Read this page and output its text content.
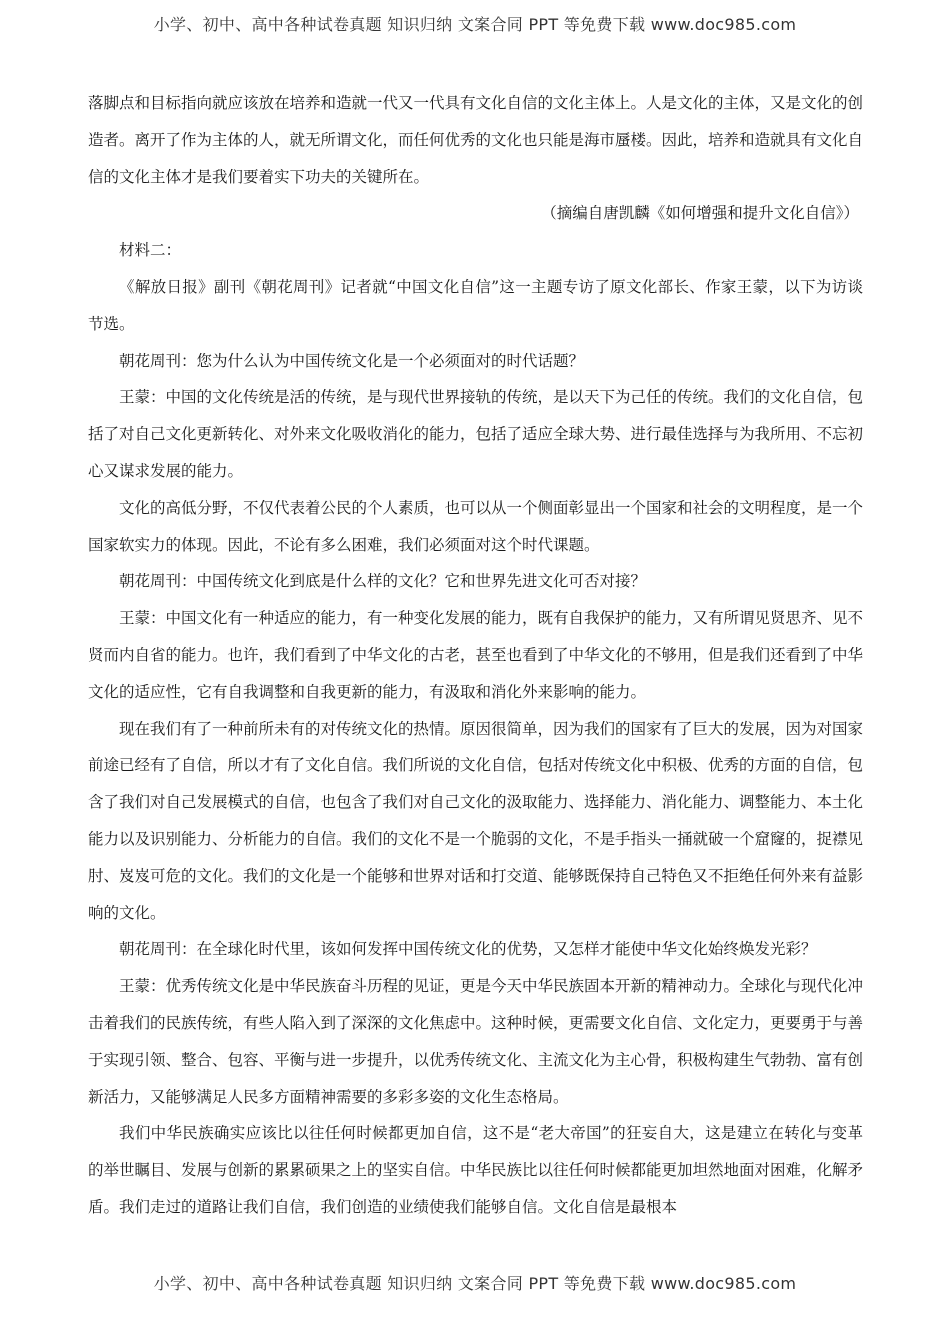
小学、初中、高中各种试卷真题 知识归纳 文案合同 PPT 等免费下载 www.doc985.com

落脚点和目标指向就应该放在培养和造就一代又一代具有文化自信的文化主体上。人是文化的主体，又是文化的创造者。离开了作为主体的人，就无所谓文化，而任何优秀的文化也只能是海市蜃楼。因此，培养和造就具有文化自信的文化主体才是我们要着实下功夫的关键所在。

（摘编自唐凯麟《如何增强和提升文化自信》）

材料二：

《解放日报》副刊《朝花周刊》记者就“中国文化自信”这一主题专访了原文化部长、作家王蒙，以下为访谈节选。

朝花周刊：您为什么认为中国传统文化是一个必须面对的时代话题？

王蒙：中国的文化传统是活的传统，是与现代世界接轨的传统，是以天下为己任的传统。我们的文化自信，包括了对自己文化更新转化、对外来文化吸收消化的能力，包括了适应全球大势、进行最佳选择与为我所用、不忘初心又谋求发展的能力。

文化的高低分野，不仅代表着公民的个人素质，也可以从一个侧面彰显出一个国家和社会的文明程度，是一个国家软实力的体现。因此，不论有多么困难，我们必须面对这个时代课题。

朝花周刊：中国传统文化到底是什么样的文化？它和世界先进文化可否对接？

王蒙：中国文化有一种适应的能力，有一种变化发展的能力，既有自我保护的能力，又有所谓见贤思齐、见不贤而内自省的能力。也许，我们看到了中华文化的古老，甚至也看到了中华文化的不够用，但是我们还看到了中华文化的适应性，它有自我调整和自我更新的能力，有汲取和消化外来影响的能力。

现在我们有了一种前所未有的对传统文化的热情。原因很简单，因为我们的国家有了巨大的发展，因为对国家前途已经有了自信，所以才有了文化自信。我们所说的文化自信，包括对传统文化中积极、优秀的方面的自信，包含了我们对自己发展模式的自信，也包含了我们对自己文化的汲取能力、选择能力、消化能力、调整能力、本土化能力以及识别能力、分析能力的自信。我们的文化不是一个脆弱的文化，不是手指头一捅就破一个窟窿的，捉襟见肘、岌岌可危的文化。我们的文化是一个能够和世界对话和打交道、能够既保持自己特色又不拒绝任何外来有益影响的文化。

朝花周刊：在全球化时代里，该如何发挥中国传统文化的优势，又怎样才能使中华文化始终焕发光彩？

王蒙：优秀传统文化是中华民族奋斗历程的见证，更是今天中华民族固本开新的精神动力。全球化与现代化冲击着我们的民族传统，有些人陷入到了深深的文化焦虑中。这种时候，更需要文化自信、文化定力，更要勇于与善于实现引领、整合、包容、平衡与进一步提升，以优秀传统文化、主流文化为主心骨，积极构建生气勃勃、富有创新活力，又能够满足人民多方面精神需要的多彩多姿的文化生态格局。

我们中华民族确实应该比以往任何时候都更加自信，这不是“老大帝国”的狂妄自大，这是建立在转化与变革的举世瞩目、发展与创新的累累硕果之上的坚实自信。中华民族比以往任何时候都能更加坦然地面对困难，化解矛盾。我们走过的道路让我们自信，我们创造的业绩使我们能够自信。文化自信是最根本

小学、初中、高中各种试卷真题 知识归纳 文案合同 PPT 等免费下载 www.doc985.com
